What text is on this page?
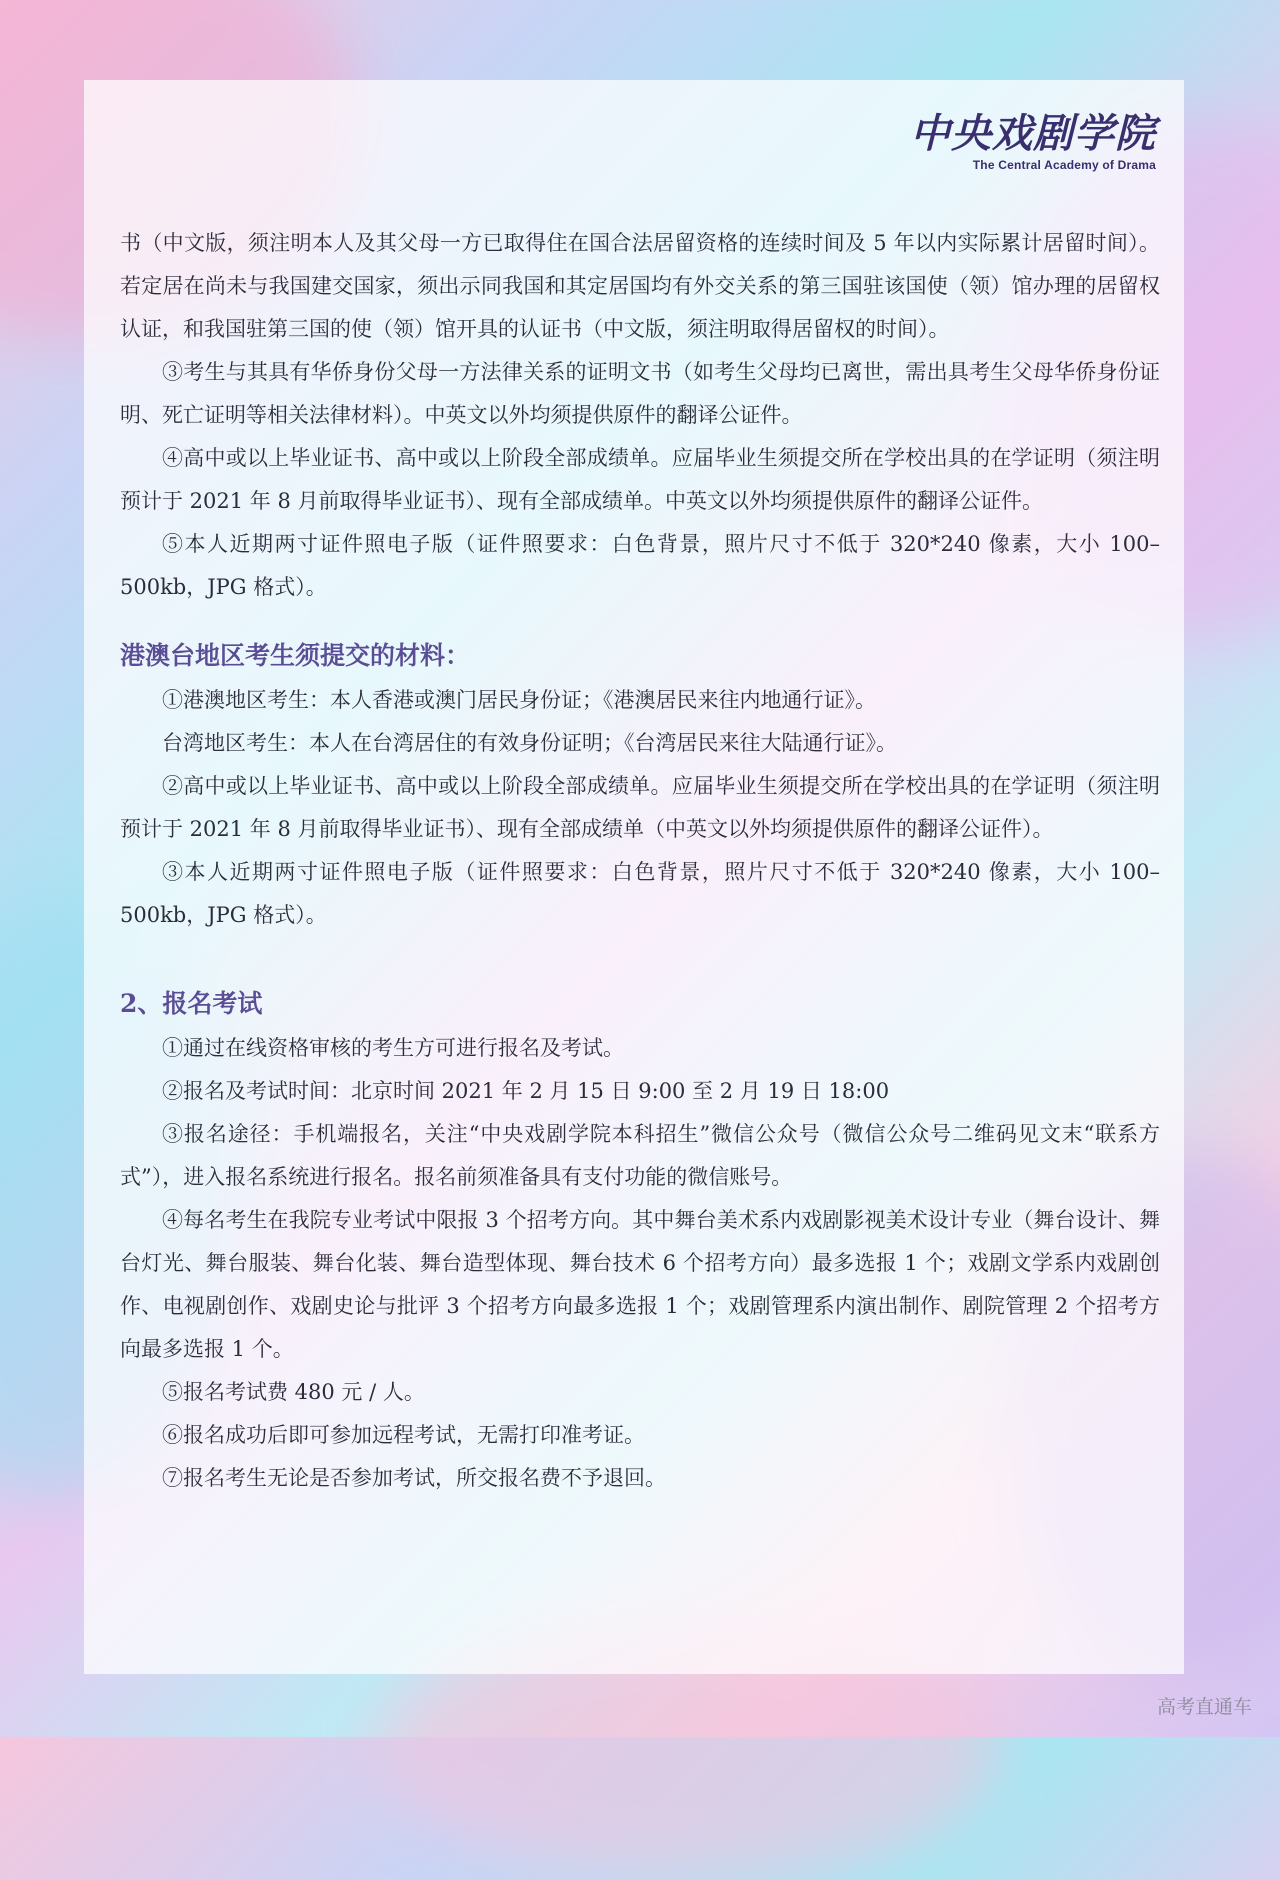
中央戏剧学院
The Central Academy of Drama

书（中文版，须注明本人及其父母一方已取得住在国合法居留资格的连续时间及 5 年以内实际累计居留时间）。若定居在尚未与我国建交国家，须出示同我国和其定居国均有外交关系的第三国驻该国使（领）馆办理的居留权认证，和我国驻第三国的使（领）馆开具的认证书（中文版，须注明取得居留权的时间）。

③考生与其具有华侨身份父母一方法律关系的证明文书（如考生父母均已离世，需出具考生父母华侨身份证明、死亡证明等相关法律材料）。中英文以外均须提供原件的翻译公证件。

④高中或以上毕业证书、高中或以上阶段全部成绩单。应届毕业生须提交所在学校出具的在学证明（须注明预计于 2021 年 8 月前取得毕业证书）、现有全部成绩单。中英文以外均须提供原件的翻译公证件。

⑤本人近期两寸证件照电子版（证件照要求：白色背景，照片尺寸不低于 320*240 像素，大小 100–500kb，JPG 格式）。

港澳台地区考生须提交的材料：

①港澳地区考生：本人香港或澳门居民身份证；《港澳居民来往内地通行证》。

台湾地区考生：本人在台湾居住的有效身份证明；《台湾居民来往大陆通行证》。

②高中或以上毕业证书、高中或以上阶段全部成绩单。应届毕业生须提交所在学校出具的在学证明（须注明预计于 2021 年 8 月前取得毕业证书）、现有全部成绩单（中英文以外均须提供原件的翻译公证件）。

③本人近期两寸证件照电子版（证件照要求：白色背景，照片尺寸不低于 320*240 像素，大小 100–500kb，JPG 格式）。

2、报名考试

①通过在线资格审核的考生方可进行报名及考试。

②报名及考试时间：北京时间 2021 年 2 月 15 日 9:00 至 2 月 19 日 18:00

③报名途径：手机端报名，关注“中央戏剧学院本科招生”微信公众号（微信公众号二维码见文末“联系方式”），进入报名系统进行报名。报名前须准备具有支付功能的微信账号。

④每名考生在我院专业考试中限报 3 个招考方向。其中舞台美术系内戏剧影视美术设计专业（舞台设计、舞台灯光、舞台服装、舞台化装、舞台造型体现、舞台技术 6 个招考方向）最多选报 1 个；戏剧文学系内戏剧创作、电视剧创作、戏剧史论与批评 3 个招考方向最多选报 1 个；戏剧管理系内演出制作、剧院管理 2 个招考方向最多选报 1 个。

⑤报名考试费 480 元 / 人。

⑥报名成功后即可参加远程考试，无需打印准考证。

⑦报名考生无论是否参加考试，所交报名费不予退回。

高考直通车
